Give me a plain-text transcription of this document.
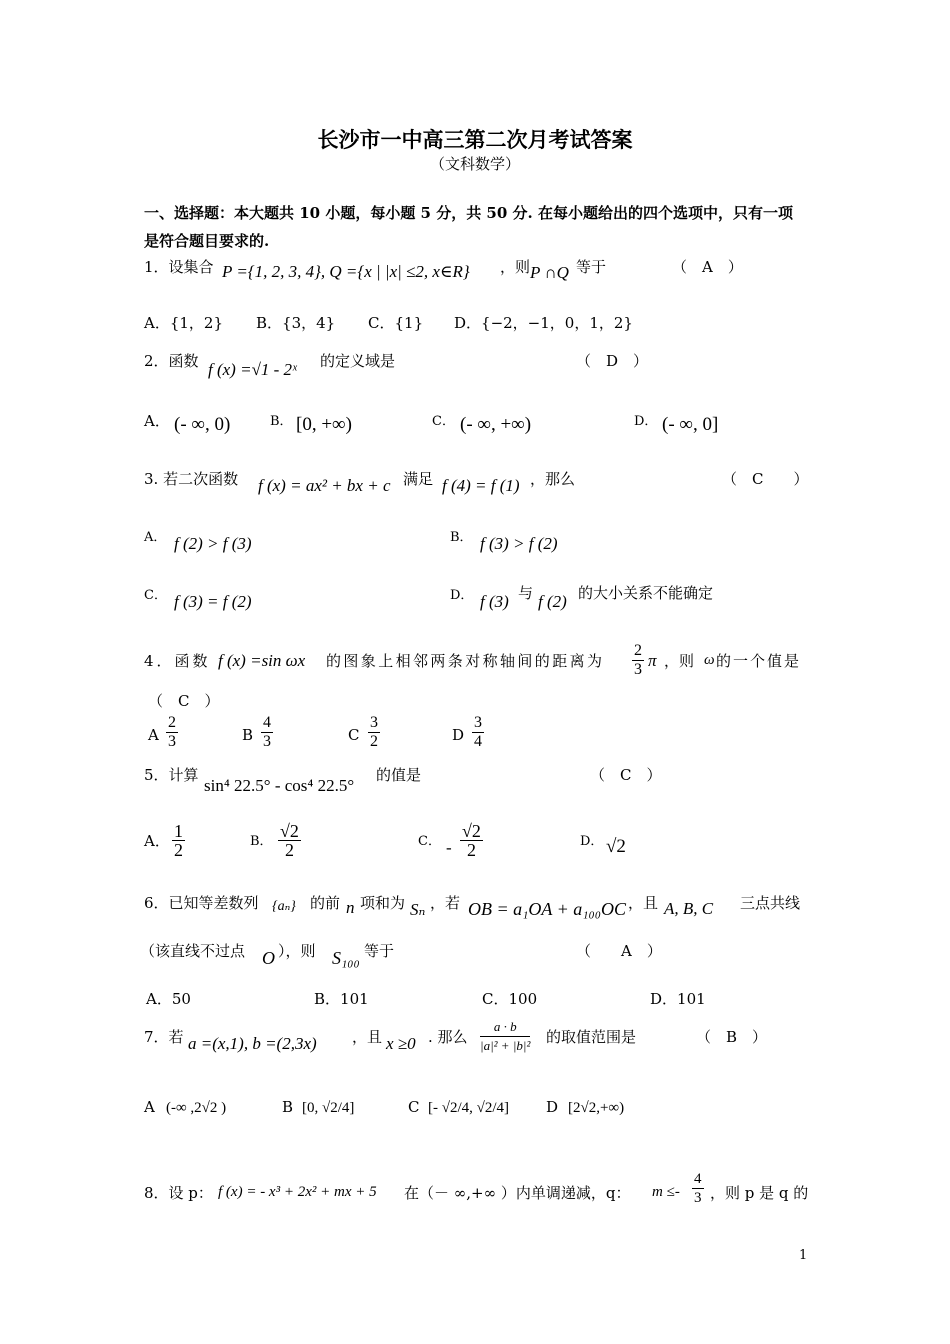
长沙市一中高三第二次月考试答案
（文科数学）
一、选择题：本大题共 10 小题，每小题 5 分，共 50 分. 在每小题给出的四个选项中，只有一项
是符合题目要求的.
1．设集合 P ={1, 2, 3, 4}, Q ={x | |x| ≤2, x∈R} ，则 P ∩Q 等于	（　A　）
A．{1，2} B．{3，4} C．{1} D．{−2，−1，0，1，2}
2．函数 f (x) =√1 - 2ˣ 的定义域是	（　D　）
A． (- ∞, 0)	B． [0, +∞)	C． (- ∞, +∞)	D． (- ∞, 0]
3. 若二次函数 f (x) = ax² + bx + c 满足 f (4) = f (1) ，那么	（　C　　）
A． f (2) > f (3)	B． f (3) > f (2)
C． f (3) = f (2)	D． f (3) 与 f (2) 的大小关系不能确定
4．函数 f (x) =sin ωx 的图象上相邻两条对称轴间的距离为 $\frac{2}{3}$ π ，则 ω 的一个值是
（　C　）
A $\frac{2}{3}$	B $\frac{4}{3}$	C $\frac{3}{2}$	D $\frac{3}{4}$
5．计算
sin⁴ 22.5° - cos⁴ 22.5°
的值是	（　C　）
A． $\frac{1}{2}$	B． $\frac{√2}{2}$	C． - $\frac{√2}{2}$	D． √2
6．已知等差数列 {aₙ} 的前 n 项和为 Sₙ ，若 OB = a₁OA + a₁₀₀OC ，且 A, B, C 三点共线
（该直线不过点 O ），则 S₁₀₀ 等于	（　　A　）
A．50	B．101	C．100	D．101
7．若 a =(x,1), b =(2,3x) ，且 x ≥0 . 那么 $\frac{a \cdot b}{\text{|a|² + |b|²}}$ 的取值范围是	（　B　）
A (-∞ ,2√2 )	B [0, √2/4]	C [- √2/4, √2/4] D [2√2,+∞)
8．设 p： f (x) = - x³ + 2x² + mx + 5 在（－ ∞,+∞ ）内单调递减，q： $m \le- \frac{4}{3}$ ，则 p 是 q 的
1
